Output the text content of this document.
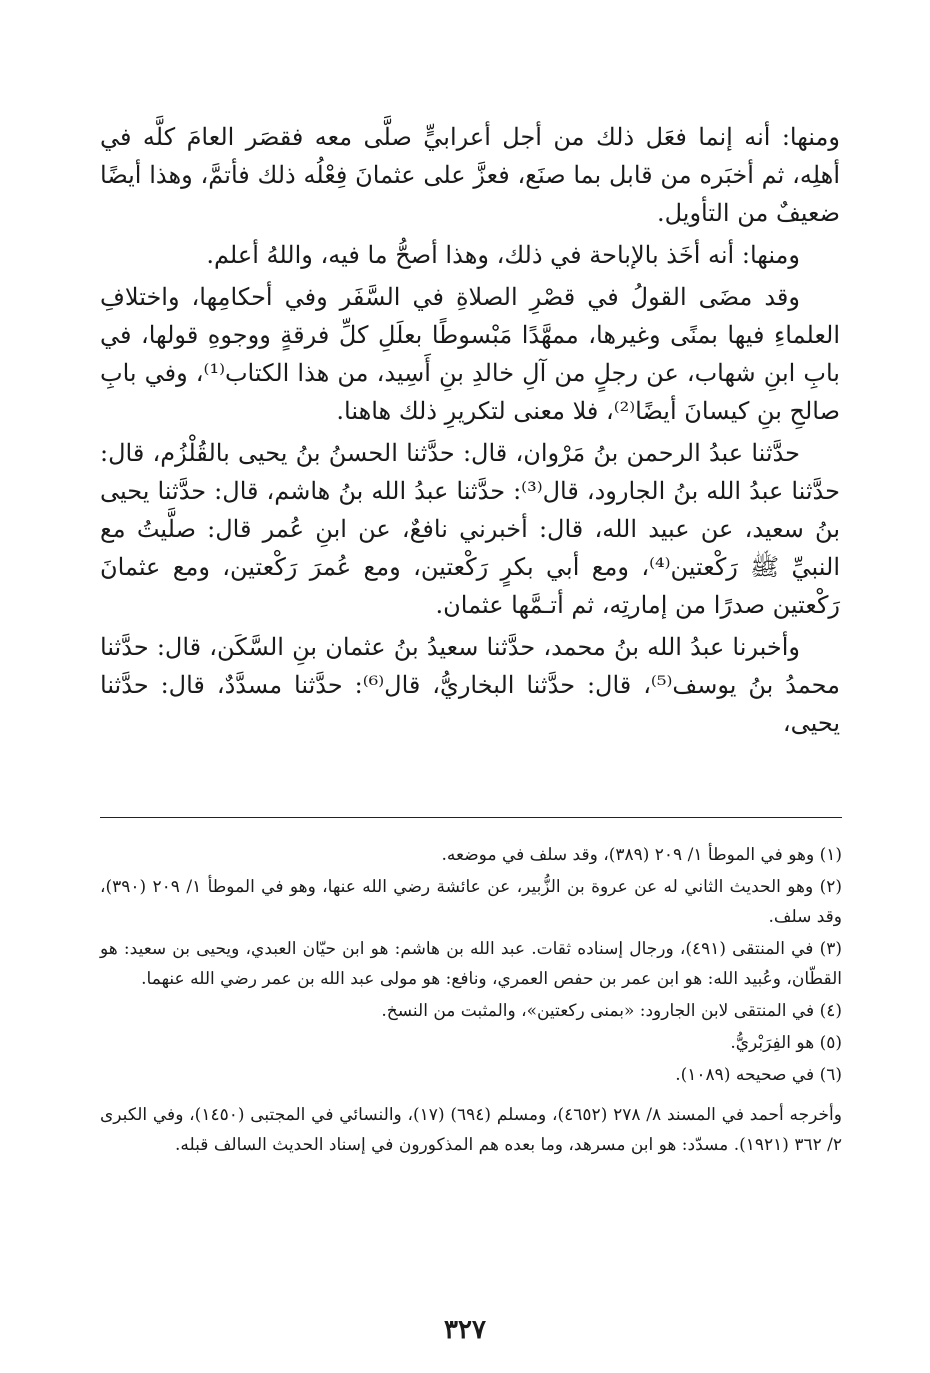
ومنها: أنه إنما فعَل ذلك من أجل أعرابيٍّ صلَّى معه فقصَر العامَ كلَّه في أهلِه، ثم أخبَره من قابل بما صنَع، فعزَّ على عثمانَ فِعْلُه ذلك فأتمَّ، وهذا أيضًا ضعيفٌ من التأويل.

ومنها: أنه أخَذ بالإباحة في ذلك، وهذا أصحُّ ما فيه، واللهُ أعلم.

وقد مضَى القولُ في قصْرِ الصلاةِ في السَّفَر وفي أحكامِها، واختلافِ العلماءِ فيها بمنًى وغيرها، ممهَّدًا مَبْسوطًا بعلَلِ كلِّ فرقةٍ ووجوهِ قولها، في بابِ ابنِ شهاب، عن رجلٍ من آلِ خالدِ بنِ أَسِيد، من هذا الكتاب⁽¹⁾، وفي بابِ صالحِ بنِ كيسانَ أيضًا⁽²⁾، فلا معنى لتكريرِ ذلك هاهنا.

حدَّثنا عبدُ الرحمن بنُ مَرْوان، قال: حدَّثنا الحسنُ بنُ يحيى بالقُلْزُم، قال: حدَّثنا عبدُ الله بنُ الجارود، قال⁽³⁾: حدَّثنا عبدُ الله بنُ هاشم، قال: حدَّثنا يحيى بنُ سعيد، عن عبيد الله، قال: أخبرني نافعٌ، عن ابنِ عُمر قال: صلَّيتُ مع النبيِّ ﷺ رَكْعتين⁽⁴⁾، ومع أبي بكرٍ رَكْعتين، ومع عُمرَ رَكْعتين، ومع عثمانَ رَكْعتين صدرًا من إمارتِه، ثم أتـمَّها عثمان.

وأخبرنا عبدُ الله بنُ محمد، حدَّثنا سعيدُ بنُ عثمان بنِ السَّكَن، قال: حدَّثنا محمدُ بنُ يوسف⁽⁵⁾، قال: حدَّثنا البخاريُّ، قال⁽⁶⁾: حدَّثنا مسدَّدٌ، قال: حدَّثنا يحيى،

(١) وهو في الموطأ ١/ ٢٠٩ (٣٨٩)، وقد سلف في موضعه.

(٢) وهو الحديث الثاني له عن عروة بن الزُّبير، عن عائشة رضي الله عنها، وهو في الموطأ ١/ ٢٠٩ (٣٩٠)، وقد سلف.

(٣) في المنتقى (٤٩١)، ورجال إسناده ثقات. عبد الله بن هاشم: هو ابن حيّان العبدي، ويحيى بن سعيد: هو القطّان، وعُبيد الله: هو ابن عمر بن حفص العمري، ونافع: هو مولى عبد الله بن عمر رضي الله عنهما.

(٤) في المنتقى لابن الجارود: «بمنى ركعتين»، والمثبت من النسخ.

(٥) هو الفِرَبْريُّ.

(٦) في صحيحه (١٠٨٩).

وأخرجه أحمد في المسند ٨/ ٢٧٨ (٤٦٥٢)، ومسلم (٦٩٤) (١٧)، والنسائي في المجتبى (١٤٥٠)، وفي الكبرى ٢/ ٣٦٢ (١٩٢١). مسدّد: هو ابن مسرهد، وما بعده هم المذكورون في إسناد الحديث السالف قبله.

٣٢٧
